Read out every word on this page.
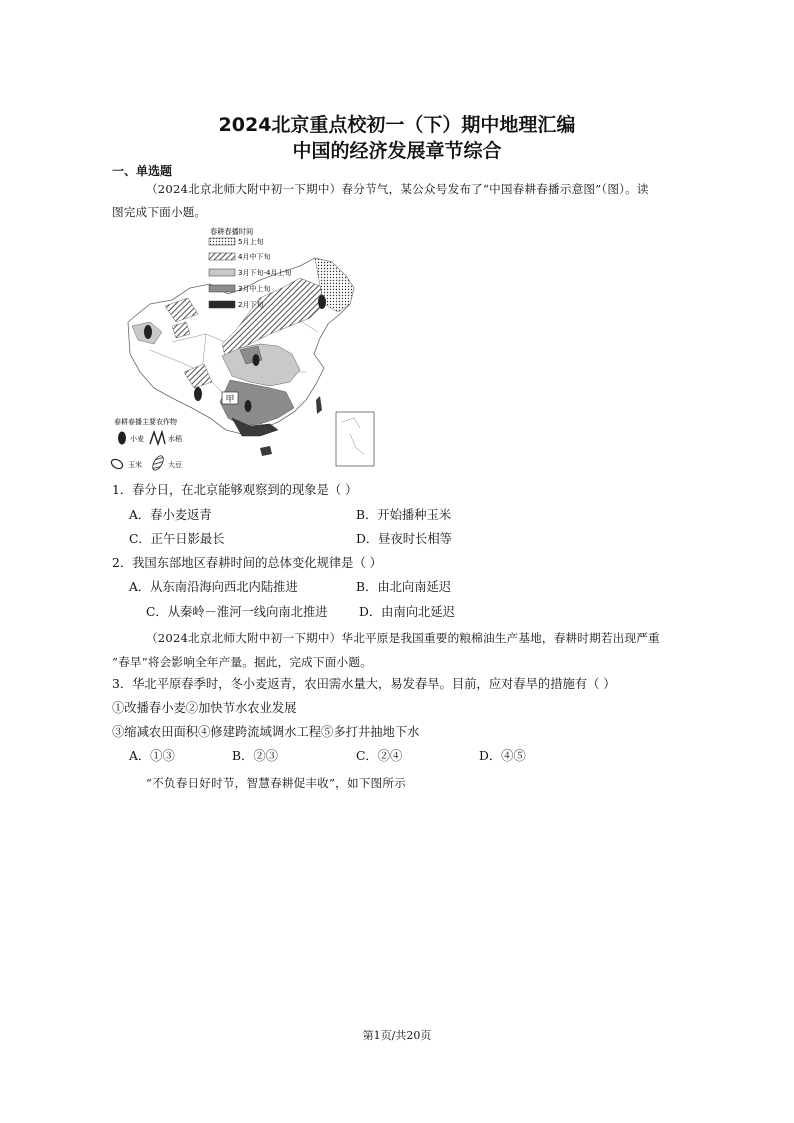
2024北京重点校初一（下）期中地理汇编
中国的经济发展章节综合
一、单选题
（2024北京北师大附中初一下期中）春分节气，某公众号发布了“中国春耕春播示意图”（图）。读
图完成下面小题。
甲
春耕春播时间
5月上旬
4月中下旬
3月下旬-4月上旬
3月中上旬
2月下旬
春耕春播主要农作物
小麦	水稻
玉米	大豆
1．春分日，在北京能够观察到的现象是（ ）
A．春小麦返青	B．开始播种玉米
C．正午日影最长	D．昼夜时长相等
2．我国东部地区春耕时间的总体变化规律是（ ）
A．从东南沿海向西北内陆推进	B．由北向南延迟
C．从秦岭－淮河一线向南北推进	D．由南向北延迟
（2024北京北师大附中初一下期中）华北平原是我国重要的粮棉油生产基地，春耕时期若出现严重
“春旱”将会影响全年产量。据此，完成下面小题。
3．华北平原春季时，冬小麦返青，农田需水量大，易发春旱。目前，应对春旱的措施有（ ）
①改播春小麦②加快节水农业发展
③缩减农田面积④修建跨流域调水工程⑤多打井抽地下水
A．①③	B．②③	C．②④	D．④⑤
“不负春日好时节，智慧春耕促丰收”，如下图所示
第1页/共20页
